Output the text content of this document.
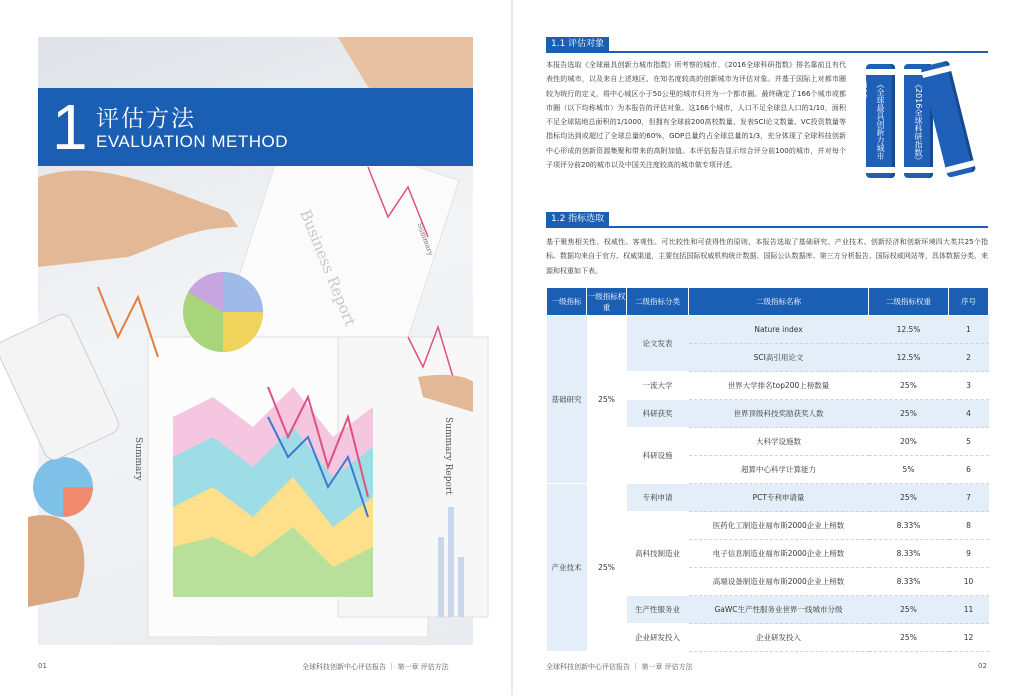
Business Report
Summary Report
Summary
Summary
1 评估方法
EVALUATION METHOD
01	全球科技创新中心评估报告 ｜ 第一章 评估方法
1.1 评估对象
本报告选取《全球最具创新力城市指数》所考察的城市、《2016全球科研指数》排名靠前且有代表性的城市，以及来自上述地区、在知名度较高的创新城市为评估对象。并基于国际上对都市圈较为统行的定义，将中心城区小于50公里的城市归并为一个都市圈。最终确定了166个城市或都市圈（以下均称城市）为本报告的评估对象。这166个城市，人口不足全球总人口的1/10，面积不足全球陆地总面积的1/1000，但拥有全球前200高校数量、发表SCI论文数量、VC投资数量等指标均达到或超过了全球总量的60%，GDP总量约占全球总量的1/3，充分体现了全球科技创新中心形成的创新资源集聚和带来的高附加值。本评估报告显示综合评分前100的城市，并对每个子项评分前20的城市以及中国关注度较高的城市做专项评述。
《全球最具创新力城市指数》	《2016全球科研指数》
1.2 指标选取
基于聚焦相关性、权威性、客观性、可比较性和可获得性的原则，本报告选取了基础研究、产业技术、创新经济和创新环境四大类共25个指标。数据均来自于官方、权威渠道，主要包括国际权威机构统计数据、国际公认数据库、第三方分析报告、国际权威网站等，具体数据分类、来源和权重如下表。
一级指标	一级指标权重	二级指标分类	二级指标名称	二级指标权重	序号
基础研究	25%	论文发表	Nature index	12.5%	1
			SCI高引用论文	12.5%	2
		一流大学	世界大学排名top200上榜数量	25%	3
		科研获奖	世界顶级科技奖励获奖人数	25%	4
		科研设施	大科学设施数	20%	5
			超算中心科学计算能力	5%	6
产业技术	25%	专利申请	PCT专利申请量	25%	7
		高科技制造业	医药化工制造业福布斯2000企业上榜数	8.33%	8
			电子信息制造业福布斯2000企业上榜数	8.33%	9
			高端设备制造业福布斯2000企业上榜数	8.33%	10
		生产性服务业	GaWC生产性服务业世界一线城市分级	25%	11
		企业研发投入	企业研发投入	25%	12
全球科技创新中心评估报告 ｜ 第一章 评估方法	02
